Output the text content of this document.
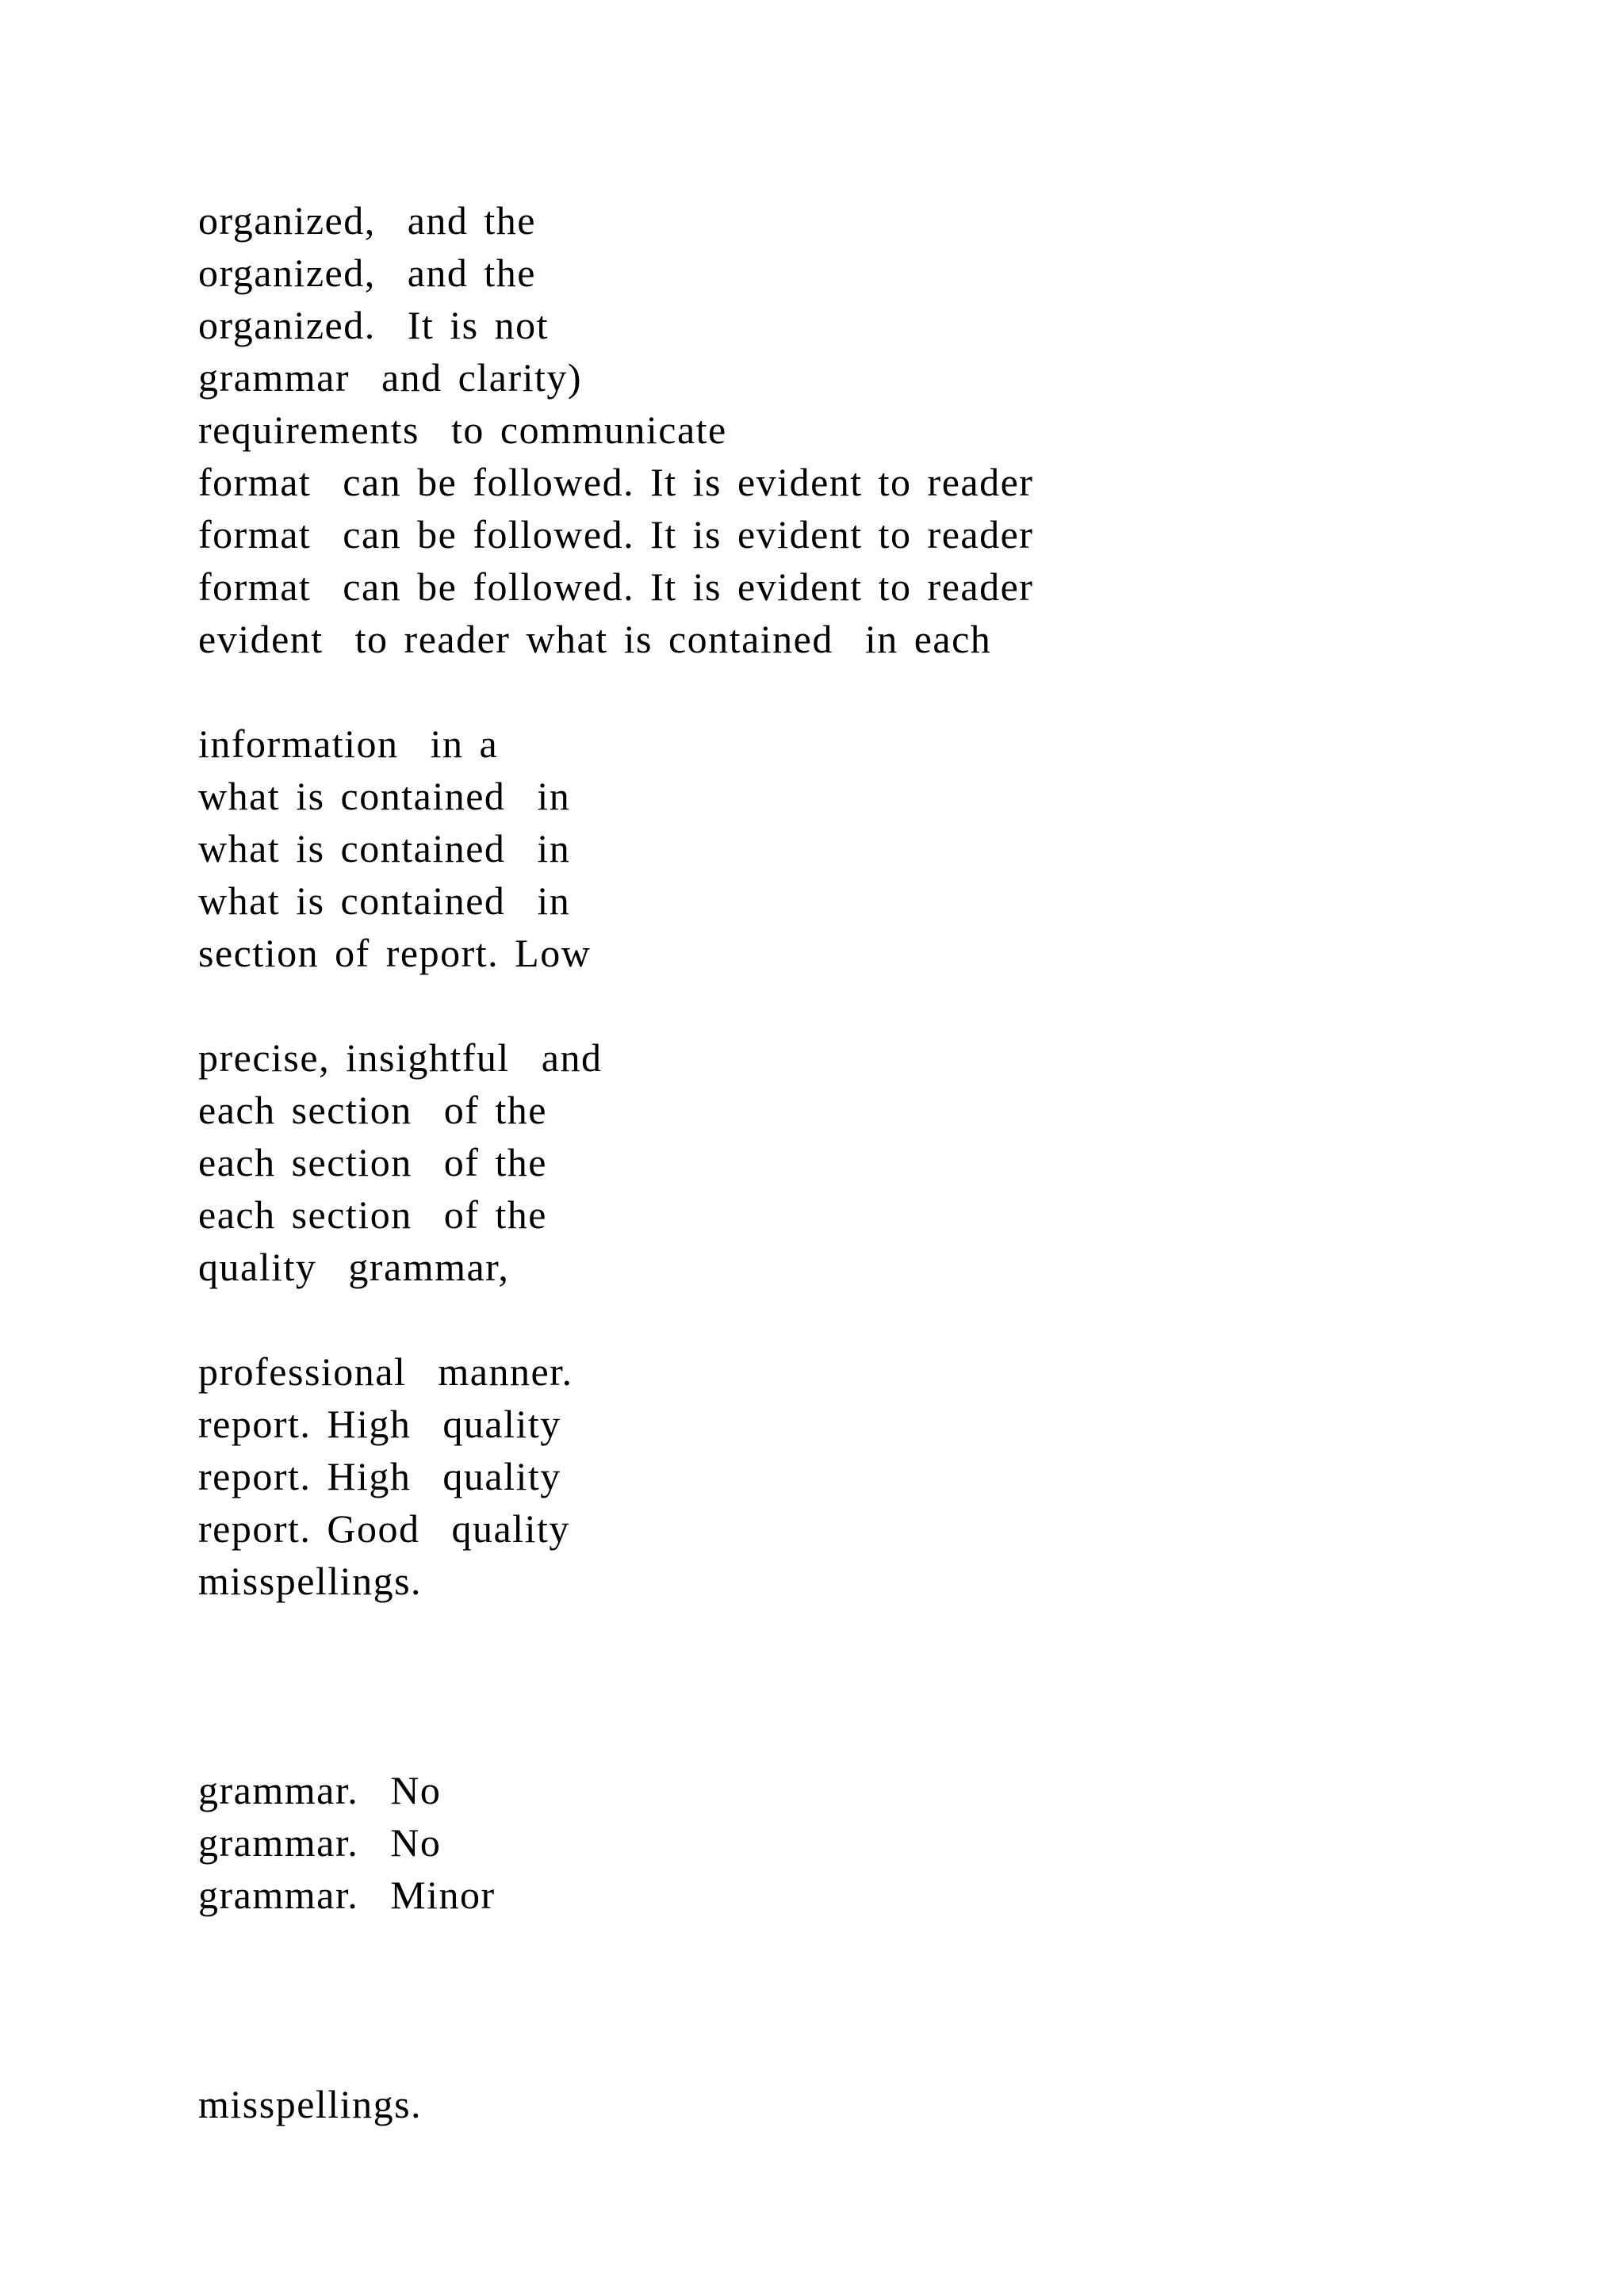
organized,  and the
organized,  and the
organized.  It is not
grammar  and clarity)
requirements  to communicate
format  can be followed. It is evident to reader
format  can be followed. It is evident to reader
format  can be followed. It is evident to reader
evident  to reader what is contained  in each
information  in a
what is contained  in
what is contained  in
what is contained  in
section of report. Low
precise, insightful  and
each section  of the
each section  of the
each section  of the
quality  grammar,
professional  manner.
report. High  quality
report. High  quality
report. Good  quality
misspellings.
grammar.  No
grammar.  No
grammar.  Minor
misspellings.
